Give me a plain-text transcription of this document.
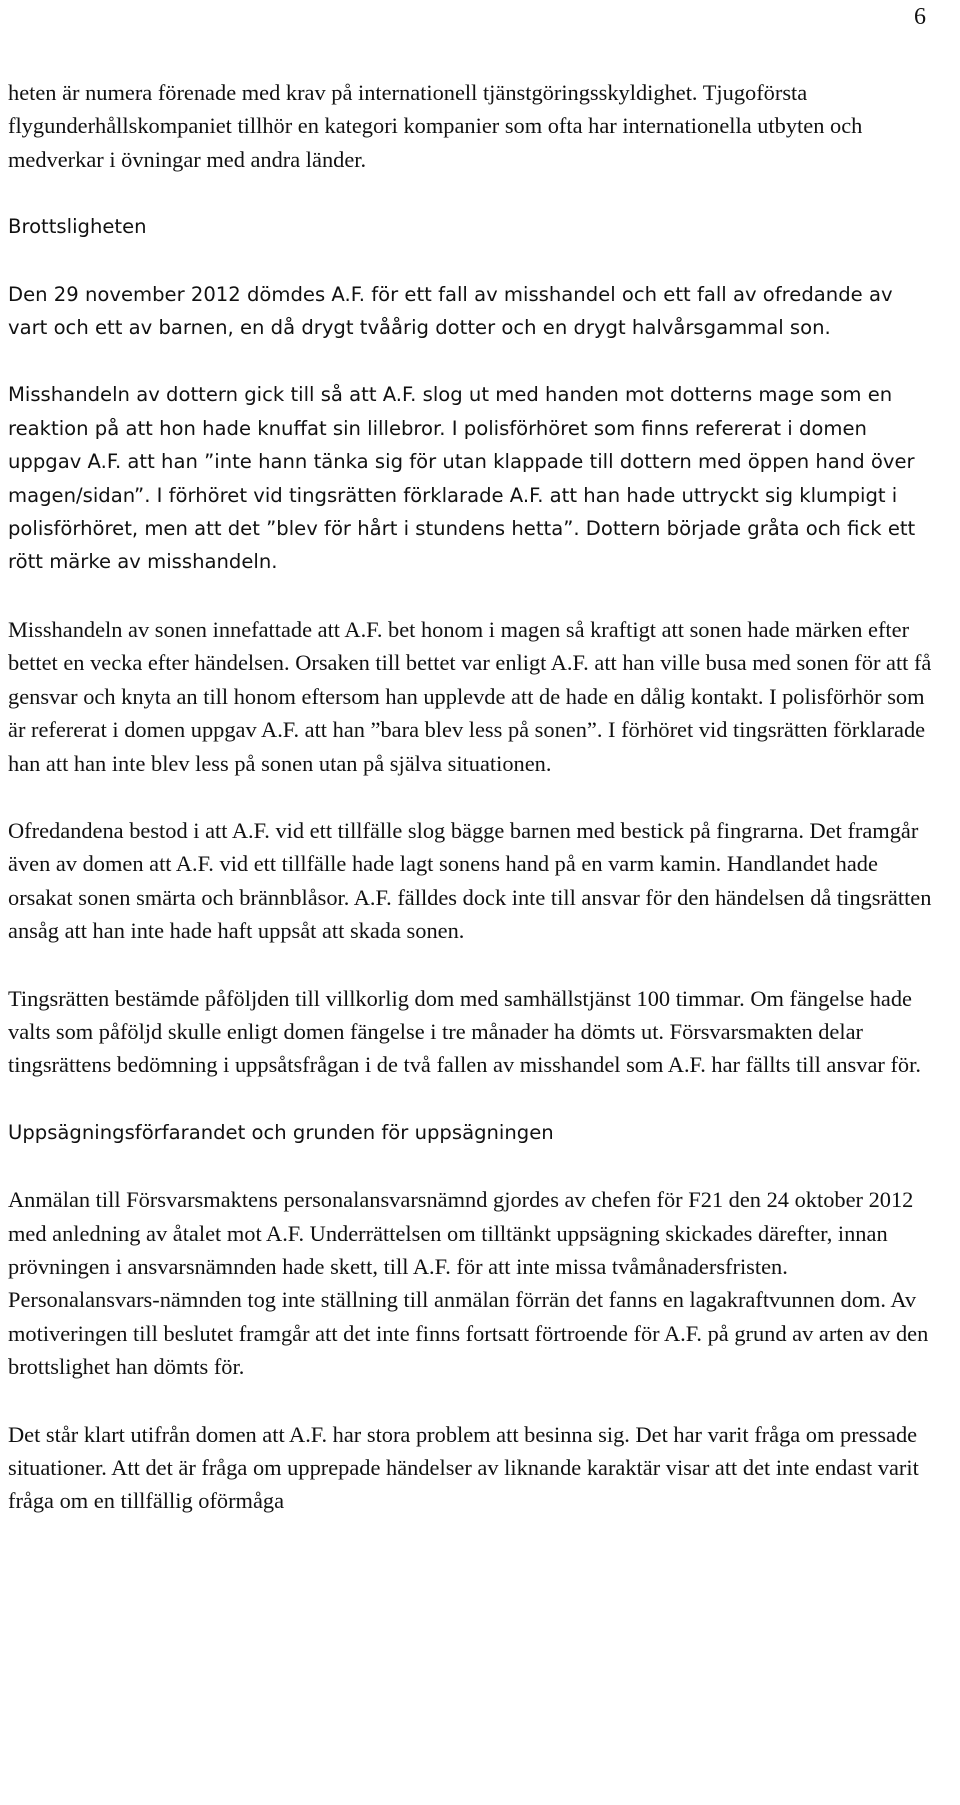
6

heten är numera förenade med krav på internationell tjänstgöringsskyldighet. Tjugoförsta flygunderhållskompaniet tillhör en kategori kompanier som ofta har internationella utbyten och medverkar i övningar med andra länder.

Brottsligheten

Den 29 november 2012 dömdes A.F. för ett fall av misshandel och ett fall av ofredande av vart och ett av barnen, en då drygt tvåårig dotter och en drygt halvårsgammal son.

Misshandeln av dottern gick till så att A.F. slog ut med handen mot dotterns mage som en reaktion på att hon hade knuffat sin lillebror. I polisförhöret som finns refererat i domen uppgav A.F. att han ”inte hann tänka sig för utan klappade till dottern med öppen hand över magen/sidan”. I förhöret vid tingsrätten förklarade A.F. att han hade uttryckt sig klumpigt i polisförhöret, men att det ”blev för hårt i stundens hetta”. Dottern började gråta och fick ett rött märke av misshandeln.

Misshandeln av sonen innefattade att A.F. bet honom i magen så kraftigt att sonen hade märken efter bettet en vecka efter händelsen. Orsaken till bettet var enligt A.F. att han ville busa med sonen för att få gensvar och knyta an till honom eftersom han upplevde att de hade en dålig kontakt. I polisförhör som är refererat i domen uppgav A.F. att han ”bara blev less på sonen”. I förhöret vid tingsrätten förklarade han att han inte blev less på sonen utan på själva situationen.

Ofredandena bestod i att A.F. vid ett tillfälle slog bägge barnen med bestick på fingrarna. Det framgår även av domen att A.F. vid ett tillfälle hade lagt sonens hand på en varm kamin. Handlandet hade orsakat sonen smärta och brännblåsor. A.F. fälldes dock inte till ansvar för den händelsen då tingsrätten ansåg att han inte hade haft uppsåt att skada sonen.

Tingsrätten bestämde påföljden till villkorlig dom med samhällstjänst 100 timmar. Om fängelse hade valts som påföljd skulle enligt domen fängelse i tre månader ha dömts ut. Försvarsmakten delar tingsrättens bedömning i uppsåtsfrågan i de två fallen av misshandel som A.F. har fällts till ansvar för.

Uppsägningsförfarandet och grunden för uppsägningen

Anmälan till Försvarsmaktens personalansvarsnämnd gjordes av chefen för F21 den 24 oktober 2012 med anledning av åtalet mot A.F. Underrättelsen om tilltänkt uppsägning skickades därefter, innan prövningen i ansvarsnämnden hade skett, till A.F. för att inte missa tvåmånadersfristen. Personalansvars-nämnden tog inte ställning till anmälan förrän det fanns en lagakraftvunnen dom. Av motiveringen till beslutet framgår att det inte finns fortsatt förtroende för A.F. på grund av arten av den brottslighet han dömts för.

Det står klart utifrån domen att A.F. har stora problem att besinna sig. Det har varit fråga om pressade situationer. Att det är fråga om upprepade händelser av liknande karaktär visar att det inte endast varit fråga om en tillfällig oförmåga
